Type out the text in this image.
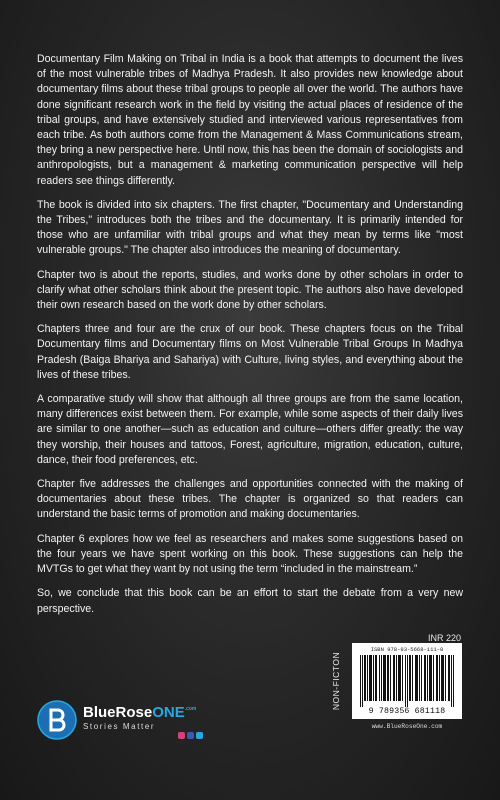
Documentary Film Making on Tribal in India is a book that attempts to document the lives of the most vulnerable tribes of Madhya Pradesh. It also provides new knowledge about documentary films about these tribal groups to people all over the world. The authors have done significant research work in the field by visiting the actual places of residence of the tribal groups, and have extensively studied and interviewed various representatives from each tribe. As both authors come from the Management & Mass Communications stream, they bring a new perspective here. Until now, this has been the domain of sociologists and anthropologists, but a management & marketing communication perspective will help readers see things differently.

The book is divided into six chapters. The first chapter, "Documentary and Understanding the Tribes," introduces both the tribes and the documentary. It is primarily intended for those who are unfamiliar with tribal groups and what they mean by terms like "most vulnerable groups." The chapter also introduces the meaning of documentary.

Chapter two is about the reports, studies, and works done by other scholars in order to clarify what other scholars think about the present topic. The authors also have developed their own research based on the work done by other scholars.

Chapters three and four are the crux of our book. These chapters focus on the Tribal Documentary films and Documentary films on Most Vulnerable Tribal Groups In Madhya Pradesh (Baiga Bhariya and Sahariya) with Culture, living styles, and everything about the lives of these tribes.

A comparative study will show that although all three groups are from the same location, many differences exist between them. For example, while some aspects of their daily lives are similar to one another—such as education and culture—others differ greatly: the way they worship, their houses and tattoos, Forest, agriculture, migration, education, culture, dance, their food preferences, etc.

Chapter five addresses the challenges and opportunities connected with the making of documentaries about these tribes. The chapter is organized so that readers can understand the basic terms of promotion and making documentaries.

Chapter 6 explores how we feel as researchers and makes some suggestions based on the four years we have spent working on this book. These suggestions can help the MVTGs to get what they want by not using the term “included in the mainstream.”

So, we conclude that this book can be an effort to start the debate from a very new perspective.

INR 220
NON-FICTON
ISBN 978-93-5668-111-8
9 789356 681118
www.BlueRoseOne.com
BlueRoseONE$^{.com}$
Stories Matter
